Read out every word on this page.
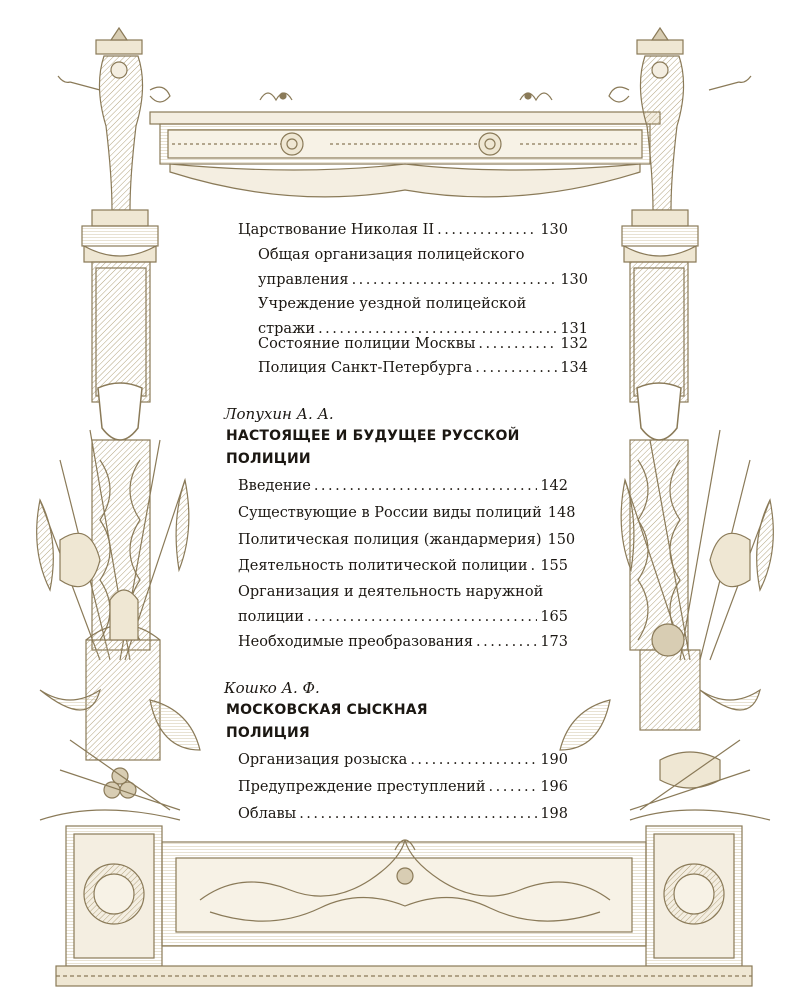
Царствование Николая II .....	130
Общая организация полицейского
управления .....	130
Учреждение уездной полицейской
стражи .....	131
Состояние полиции Москвы .....	132
Полиция Санкт-Петербурга .....	134
Лопухин А. А.
НАСТОЯЩЕЕ И БУДУЩЕЕ РУССКОЙ
ПОЛИЦИИ
Введение .....	142
Существующие в России виды полиций 148
Политическая полиция (жандармерия) 150
Деятельность политической полиции ..... 155
Организация и деятельность наружной
полиции .....	165
Необходимые преобразования .....	173
Кошко А. Ф.
МОСКОВСКАЯ СЫСКНАЯ
ПОЛИЦИЯ
Организация розыска .....	190
Предупреждение преступлений .....	196
Облавы .....	198
